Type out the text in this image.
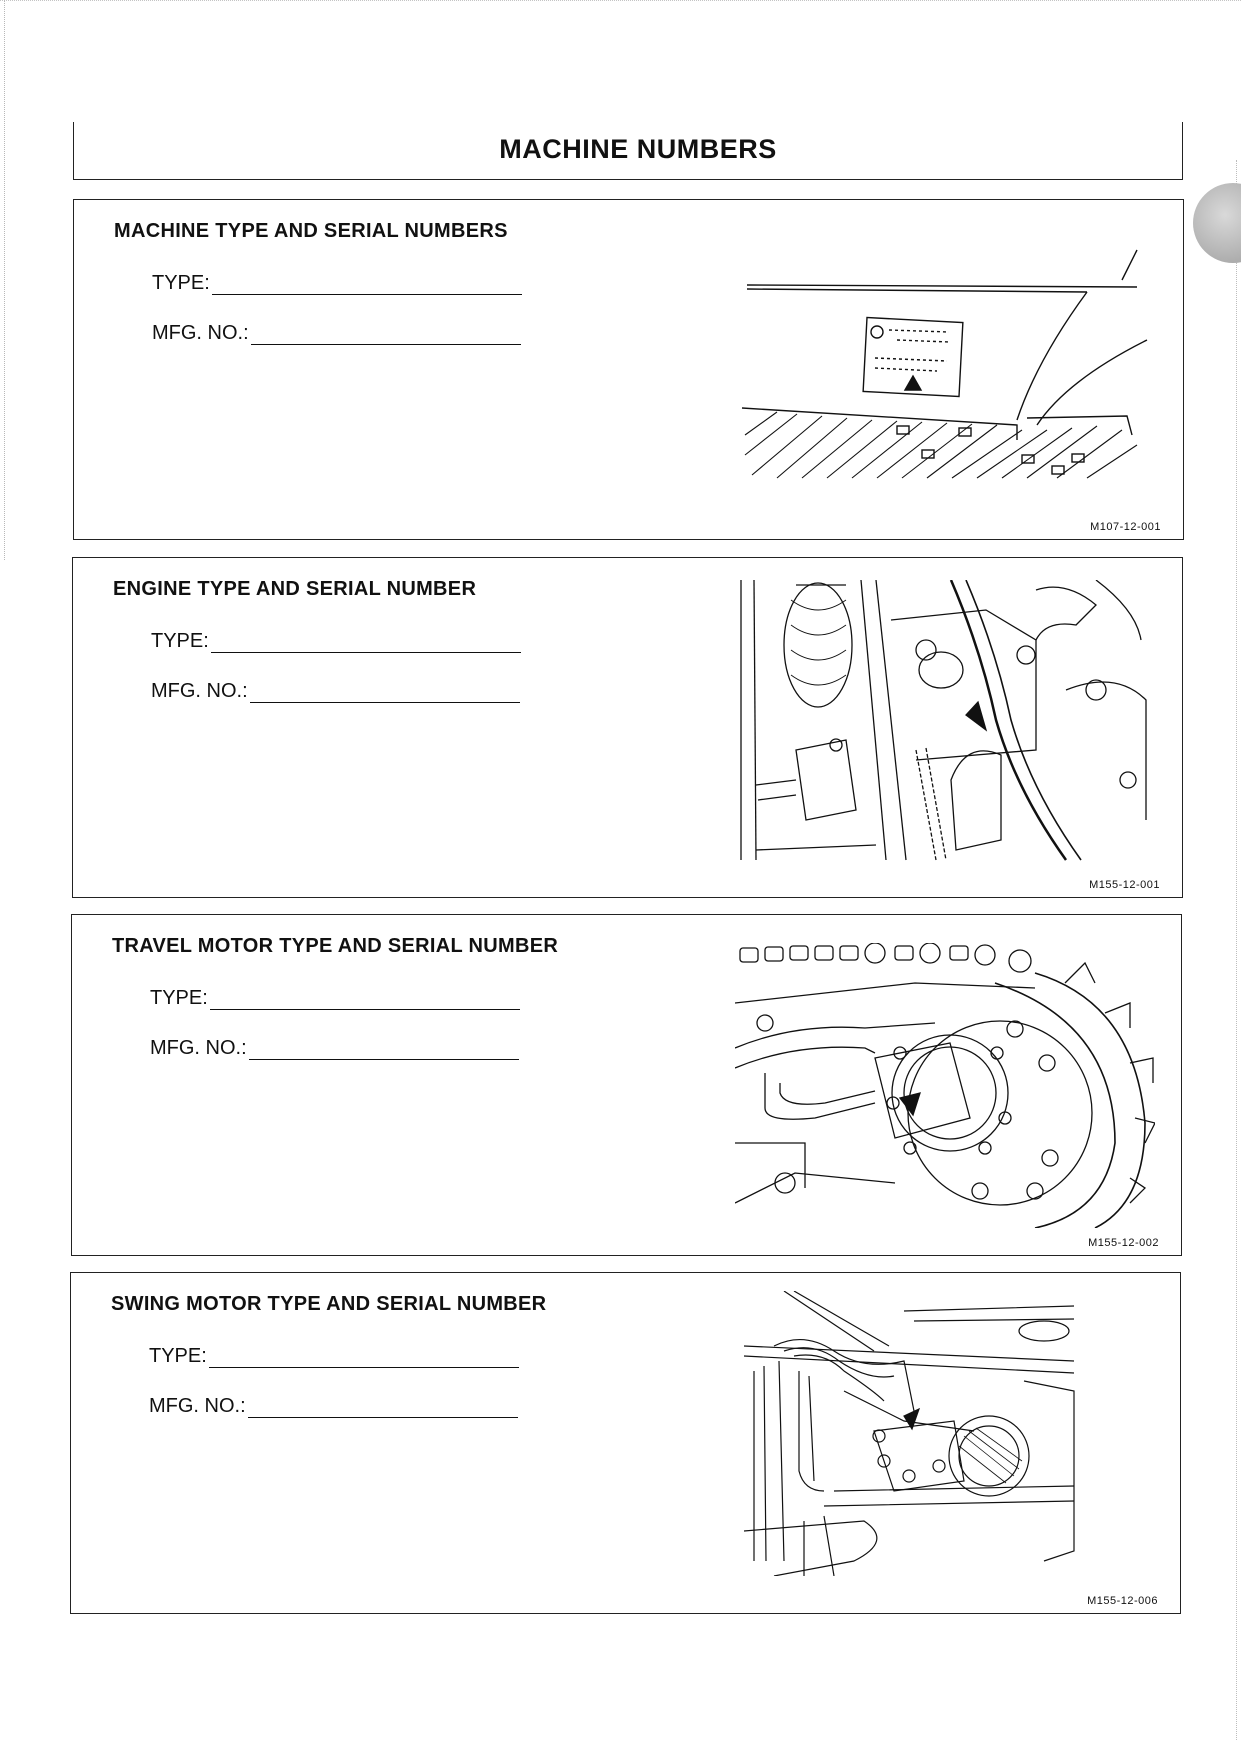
MACHINE NUMBERS
MACHINE TYPE AND SERIAL NUMBERS
TYPE:
MFG. NO.:
M107-12-001
ENGINE TYPE AND SERIAL NUMBER
TYPE:
MFG. NO.:
M155-12-001
TRAVEL MOTOR TYPE AND SERIAL NUMBER
TYPE:
MFG. NO.:
M155-12-002
SWING MOTOR TYPE AND SERIAL NUMBER
TYPE:
MFG. NO.:
M155-12-006
